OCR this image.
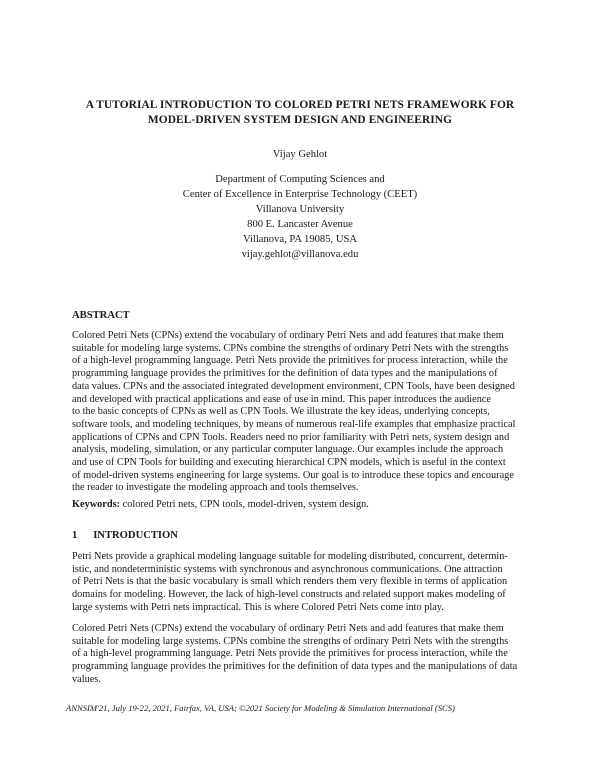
A TUTORIAL INTRODUCTION TO COLORED PETRI NETS FRAMEWORK FOR
MODEL-DRIVEN SYSTEM DESIGN AND ENGINEERING
Vijay Gehlot
Department of Computing Sciences and
Center of Excellence in Enterprise Technology (CEET)
Villanova University
800 E. Lancaster Avenue
Villanova, PA 19085, USA
vijay.gehlot@villanova.edu
ABSTRACT
Colored Petri Nets (CPNs) extend the vocabulary of ordinary Petri Nets and add features that make them
suitable for modeling large systems. CPNs combine the strengths of ordinary Petri Nets with the strengths
of a high-level programming language. Petri Nets provide the primitives for process interaction, while the
programming language provides the primitives for the definition of data types and the manipulations of
data values. CPNs and the associated integrated development environment, CPN Tools, have been designed
and developed with practical applications and ease of use in mind. This paper introduces the audience
to the basic concepts of CPNs as well as CPN Tools. We illustrate the key ideas, underlying concepts,
software tools, and modeling techniques, by means of numerous real-life examples that emphasize practical
applications of CPNs and CPN Tools. Readers need no prior familiarity with Petri nets, system design and
analysis, modeling, simulation, or any particular computer language. Our examples include the approach
and use of CPN Tools for building and executing hierarchical CPN models, which is useful in the context
of model-driven systems engineering for large systems. Our goal is to introduce these topics and encourage
the reader to investigate the modeling approach and tools themselves.
Keywords: colored Petri nets, CPN tools, model-driven, system design.
1      INTRODUCTION
Petri Nets provide a graphical modeling language suitable for modeling distributed, concurrent, determin-
istic, and nondeterministic systems with synchronous and asynchronous communications. One attraction
of Petri Nets is that the basic vocabulary is small which renders them very flexible in terms of application
domains for modeling. However, the lack of high-level constructs and related support makes modeling of
large systems with Petri nets impractical. This is where Colored Petri Nets come into play.
Colored Petri Nets (CPNs) extend the vocabulary of ordinary Petri Nets and add features that make them
suitable for modeling large systems. CPNs combine the strengths of ordinary Petri Nets with the strengths
of a high-level programming language. Petri Nets provide the primitives for process interaction, while the
programming language provides the primitives for the definition of data types and the manipulations of data
values.
ANNSIM'21, July 19-22, 2021, Fairfax, VA, USA; ©2021 Society for Modeling & Simulation International (SCS)
